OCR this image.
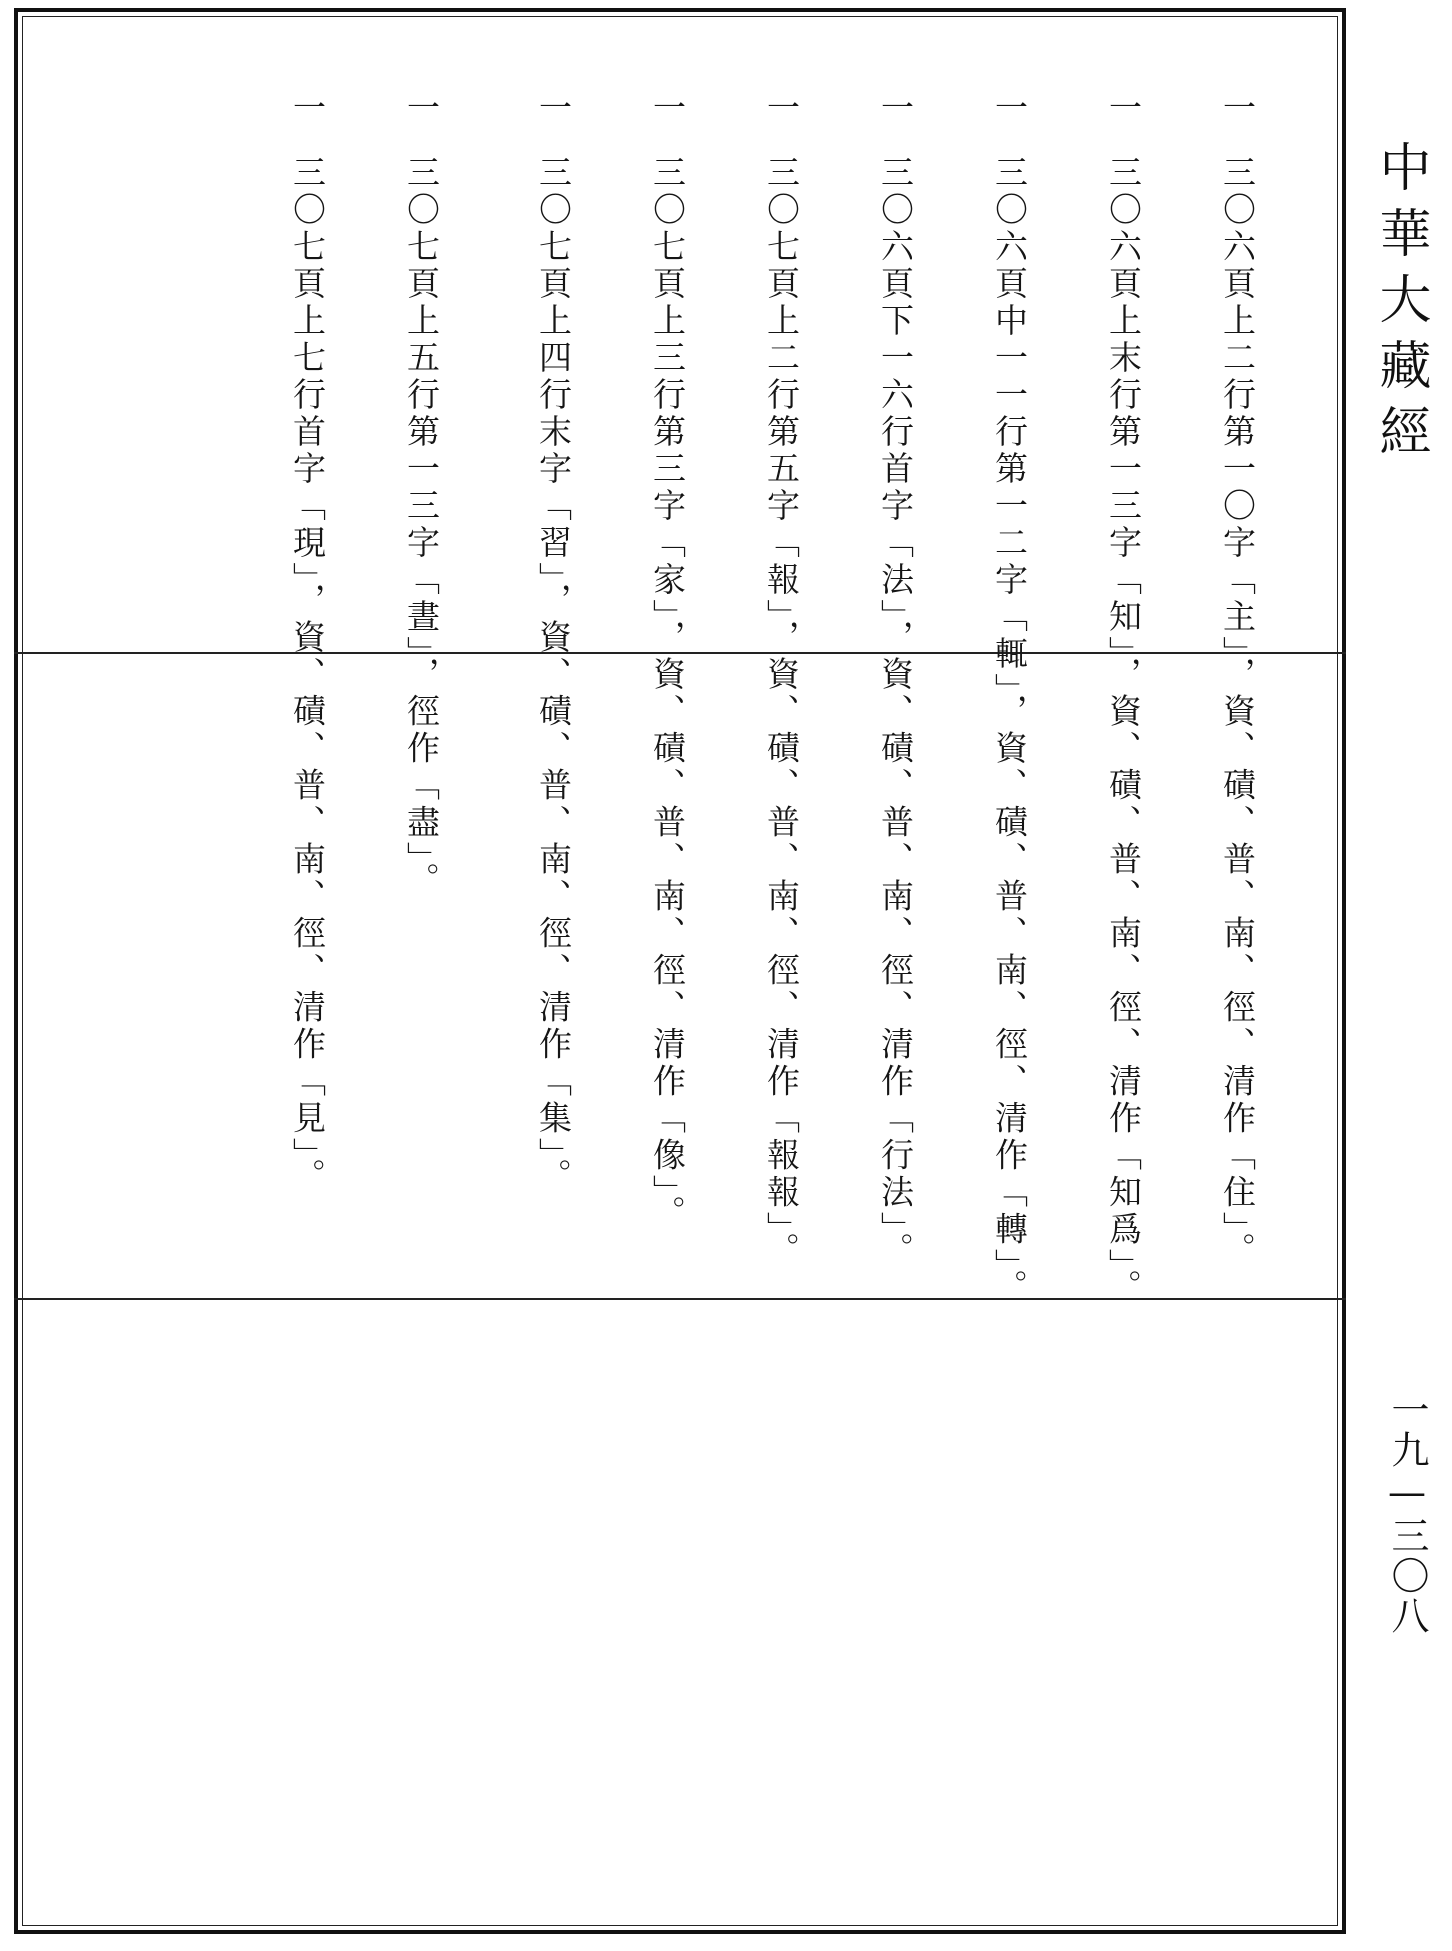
中華大藏經
一九—三〇八
一三〇六頁上二行第一〇字「主」，資、磧、普、南、徑、清作「住」。
一三〇六頁上末行第一三字「知」，資、磧、普、南、徑、清作「知爲」。
一三〇六頁中一一行第一二字「輒」，資、磧、普、南、徑、清作「轉」。
一三〇六頁下一六行首字「法」，資、磧、普、南、徑、清作「行法」。
一三〇七頁上二行第五字「報」，資、磧、普、南、徑、清作「報報」。
一三〇七頁上三行第三字「家」，資、磧、普、南、徑、清作「像」。
一三〇七頁上四行末字「習」，資、磧、普、南、徑、清作「集」。
一三〇七頁上五行第一三字「晝」，徑作「盡」。
一三〇七頁上七行首字「現」，資、磧、普、南、徑、清作「見」。
